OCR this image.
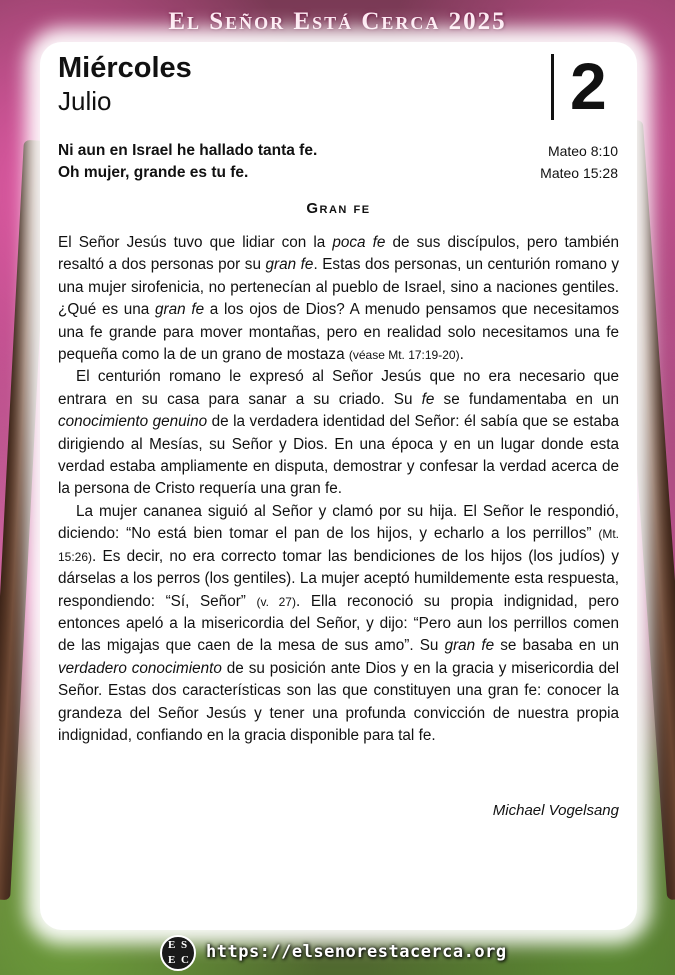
El Señor Está Cerca 2025
Miércoles
Julio	2
Ni aun en Israel he hallado tanta fe.	Mateo 8:10
Oh mujer, grande es tu fe.	Mateo 15:28
Gran fe

El Señor Jesús tuvo que lidiar con la poca fe de sus discípulos, pero también resaltó a dos personas por su gran fe. Estas dos personas, un centurión romano y una mujer sirofenicia, no pertenecían al pueblo de Israel, sino a naciones gentiles. ¿Qué es una gran fe a los ojos de Dios? A menudo pensamos que necesitamos una fe grande para mover montañas, pero en realidad solo necesitamos una fe pequeña como la de un grano de mostaza (véase Mt. 17:19-20).

El centurión romano le expresó al Señor Jesús que no era necesario que entrara en su casa para sanar a su criado. Su fe se fundamentaba en un conocimiento genuino de la verdadera identidad del Señor: él sabía que se estaba dirigiendo al Mesías, su Señor y Dios. En una época y en un lugar donde esta verdad estaba ampliamente en disputa, demostrar y confesar la verdad acerca de la persona de Cristo requería una gran fe.

La mujer cananea siguió al Señor y clamó por su hija. El Señor le respondió, diciendo: “No está bien tomar el pan de los hijos, y echarlo a los perrillos” (Mt. 15:26). Es decir, no era correcto tomar las bendiciones de los hijos (los judíos) y dárselas a los perros (los gentiles). La mujer aceptó humildemente esta respuesta, respondiendo: “Sí, Señor” (v. 27). Ella reconoció su propia indignidad, pero entonces apeló a la misericordia del Señor, y dijo: “Pero aun los perrillos comen de las migajas que caen de la mesa de sus amo”. Su gran fe se basaba en un verdadero conocimiento de su posición ante Dios y en la gracia y misericordia del Señor. Estas dos características son las que constituyen una gran fe: conocer la grandeza del Señor Jesús y tener una profunda convicción de nuestra propia indignidad, confiando en la gracia disponible para tal fe.

Michael Vogelsang
E S
E C https://elsenorestacerca.org
